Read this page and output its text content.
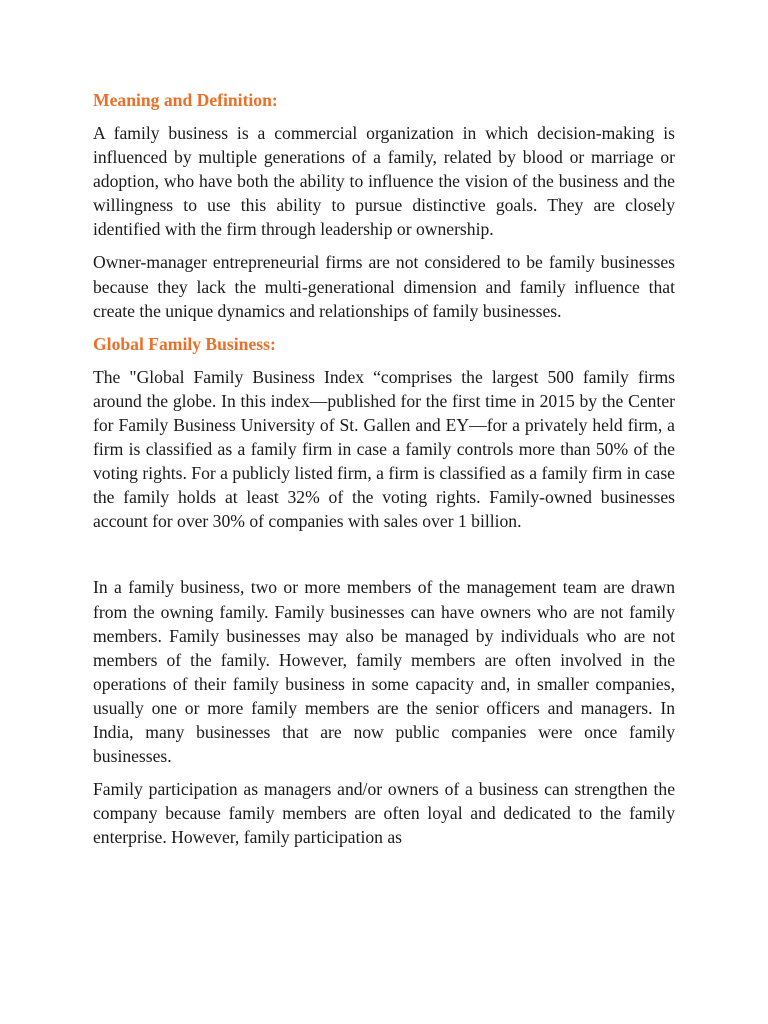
Meaning and Definition:

A family business is a commercial organization in which decision-making is influenced by multiple generations of a family, related by blood or marriage or adoption, who have both the ability to influence the vision of the business and the willingness to use this ability to pursue distinctive goals. They are closely identified with the firm through leadership or ownership.

Owner-manager entrepreneurial firms are not considered to be family businesses because they lack the multi-generational dimension and family influence that create the unique dynamics and relationships of family businesses.

Global Family Business:

The "Global Family Business Index “comprises the largest 500 family firms around the globe. In this index—published for the first time in 2015 by the Center for Family Business University of St. Gallen and EY—for a privately held firm, a firm is classified as a family firm in case a family controls more than 50% of the voting rights. For a publicly listed firm, a firm is classified as a family firm in case the family holds at least 32% of the voting rights. Family-owned businesses account for over 30% of companies with sales over 1 billion.

In a family business, two or more members of the management team are drawn from the owning family. Family businesses can have owners who are not family members. Family businesses may also be managed by individuals who are not members of the family. However, family members are often involved in the operations of their family business in some capacity and, in smaller companies, usually one or more family members are the senior officers and managers. In India, many businesses that are now public companies were once family businesses.

Family participation as managers and/or owners of a business can strengthen the company because family members are often loyal and dedicated to the family enterprise. However, family participation as
